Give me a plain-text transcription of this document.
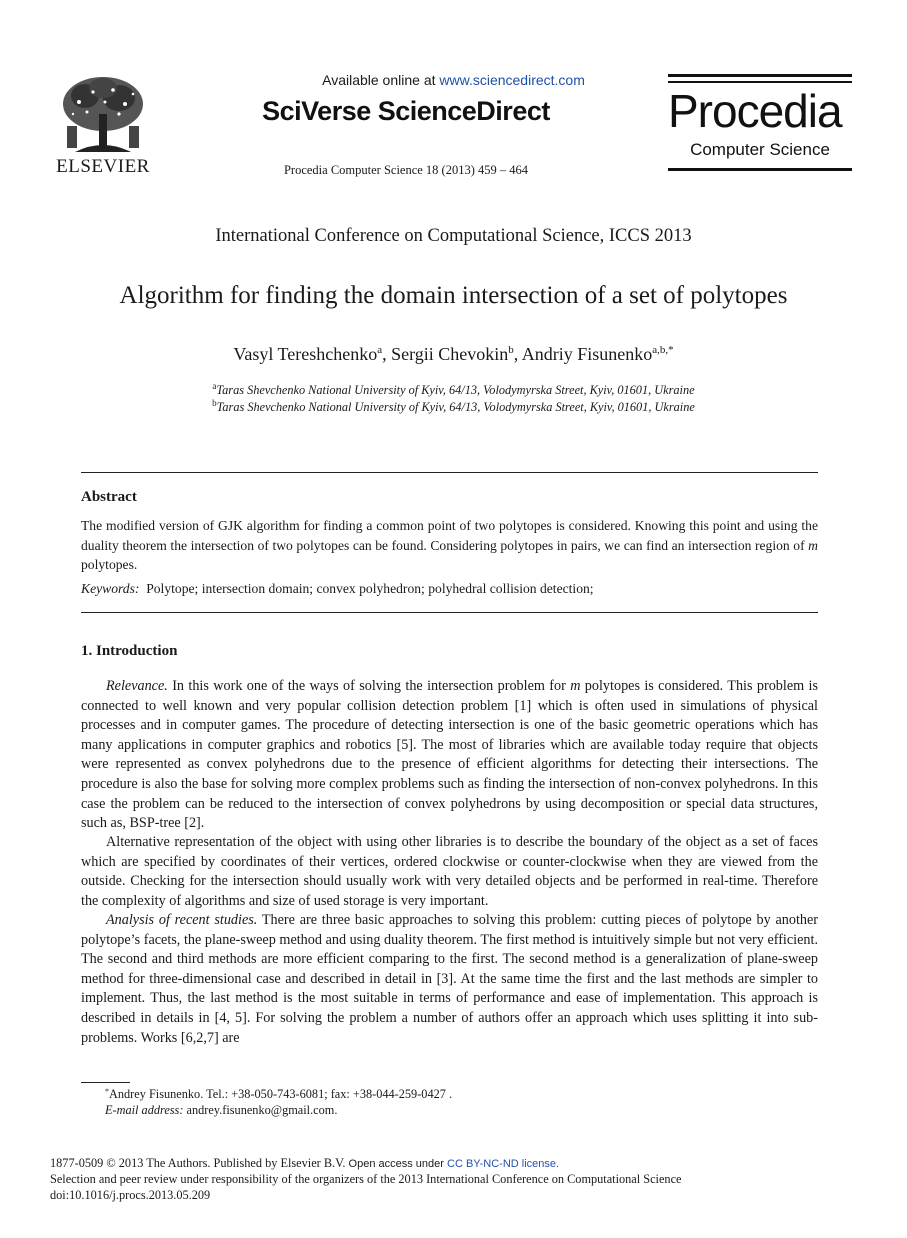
ELSEVIER
Available online at www.sciencedirect.com
SciVerse ScienceDirect
Procedia Computer Science 18 (2013) 459 – 464
Procedia
Computer Science
International Conference on Computational Science, ICCS 2013
Algorithm for finding the domain intersection of a set of polytopes
Vasyl Tereshchenko$^a$, Sergii Chevokin$^b$, Andriy Fisunenko$^{a,b,*}$
$^a$Taras Shevchenko National University of Kyiv, 64/13, Volodymyrska Street, Kyiv, 01601, Ukraine
$^b$Taras Shevchenko National University of Kyiv, 64/13, Volodymyrska Street, Kyiv, 01601, Ukraine
Abstract

The modified version of GJK algorithm for finding a common point of two polytopes is considered. Knowing this point and using the duality theorem the intersection of two polytopes can be found. Considering polytopes in pairs, we can find an intersection region of m polytopes.

Keywords: Polytope; intersection domain; convex polyhedron; polyhedral collision detection;
1. Introduction

Relevance. In this work one of the ways of solving the intersection problem for m polytopes is considered. This problem is connected to well known and very popular collision detection problem [1] which is often used in simulations of physical processes and in computer games. The procedure of detecting intersection is one of the basic geometric operations which has many applications in computer graphics and robotics [5]. The most of libraries which are available today require that objects were represented as convex polyhedrons due to the presence of efficient algorithms for detecting their intersections. The procedure is also the base for solving more complex problems such as finding the intersection of non-convex polyhedrons. In this case the problem can be reduced to the intersection of convex polyhedrons by using decomposition or special data structures, such as, BSP-tree [2].

Alternative representation of the object with using other libraries is to describe the boundary of the object as a set of faces which are specified by coordinates of their vertices, ordered clockwise or counter-clockwise when they are viewed from the outside. Checking for the intersection should usually work with very detailed objects and be performed in real-time. Therefore the complexity of algorithms and size of used storage is very important.

Analysis of recent studies. There are three basic approaches to solving this problem: cutting pieces of polytope by another polytope’s facets, the plane-sweep method and using duality theorem. The first method is intuitively simple but not very efficient. The second and third methods are more efficient comparing to the first. The second method is a generalization of plane-sweep method for three-dimensional case and described in detail in [3]. At the same time the first and the last methods are simpler to implement. Thus, the last method is the most suitable in terms of performance and ease of implementation. This approach is described in details in [4, 5]. For solving the problem a number of authors offer an approach which uses splitting it into sub-problems. Works [6,2,7] are

*Andrey Fisunenko. Tel.: +38-050-743-6081; fax: +38-044-259-0427 .
E-mail address: andrey.fisunenko@gmail.com.
1877-0509 © 2013 The Authors. Published by Elsevier B.V. Open access under CC BY-NC-ND license.
Selection and peer review under responsibility of the organizers of the 2013 International Conference on Computational Science
doi:10.1016/j.procs.2013.05.209
